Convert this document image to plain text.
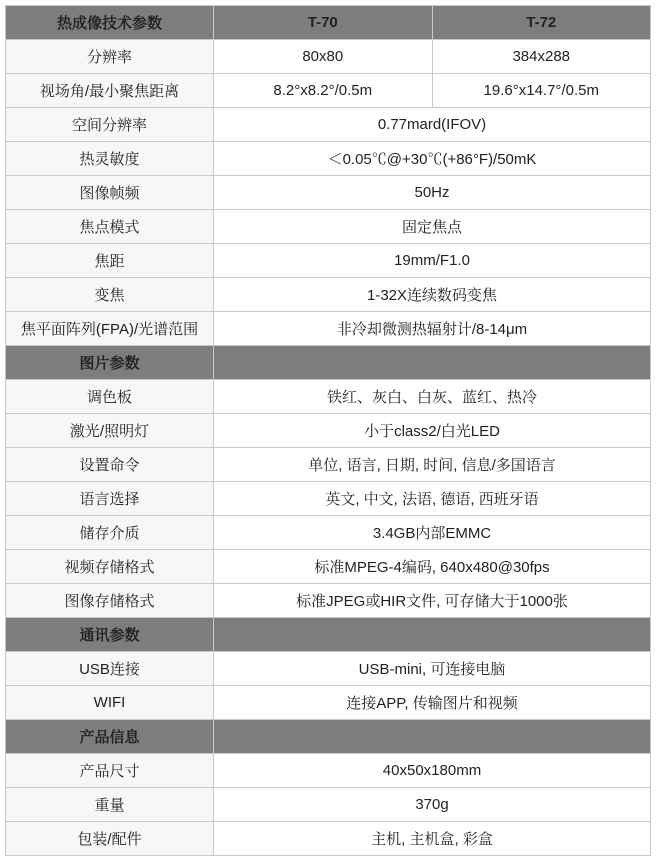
热成像技术参数	T-70	T-72
分辨率	80x80	384x288
视场角/最小聚焦距离	8.2°x8.2°/0.5m	19.6°x14.7°/0.5m
空间分辨率	0.77mard(IFOV)	
热灵敏度	＜0.05℃@+30℃(+86°F)/50mK	
图像帧频	50Hz	
焦点模式	固定焦点	
焦距	19mm/F1.0	
变焦	1-32X连续数码变焦	
焦平面阵列(FPA)/光谱范围	非冷却微测热辐射计/8-14μm	
图片参数		
调色板	铁红、灰白、白灰、蓝红、热冷	
激光/照明灯	小于class2/白光LED	
设置命令	单位, 语言, 日期, 时间, 信息/多国语言	
语言选择	英文, 中文, 法语, 德语, 西班牙语	
储存介质	3.4GB内部EMMC	
视频存储格式	标准MPEG-4编码, 640x480@30fps	
图像存储格式	标准JPEG或HIR文件, 可存储大于1000张	
通讯参数		
USB连接	USB-mini, 可连接电脑	
WIFI	连接APP, 传输图片和视频	
产品信息		
产品尺寸	40x50x180mm	
重量	370g	
包装/配件	主机, 主机盒, 彩盒	
